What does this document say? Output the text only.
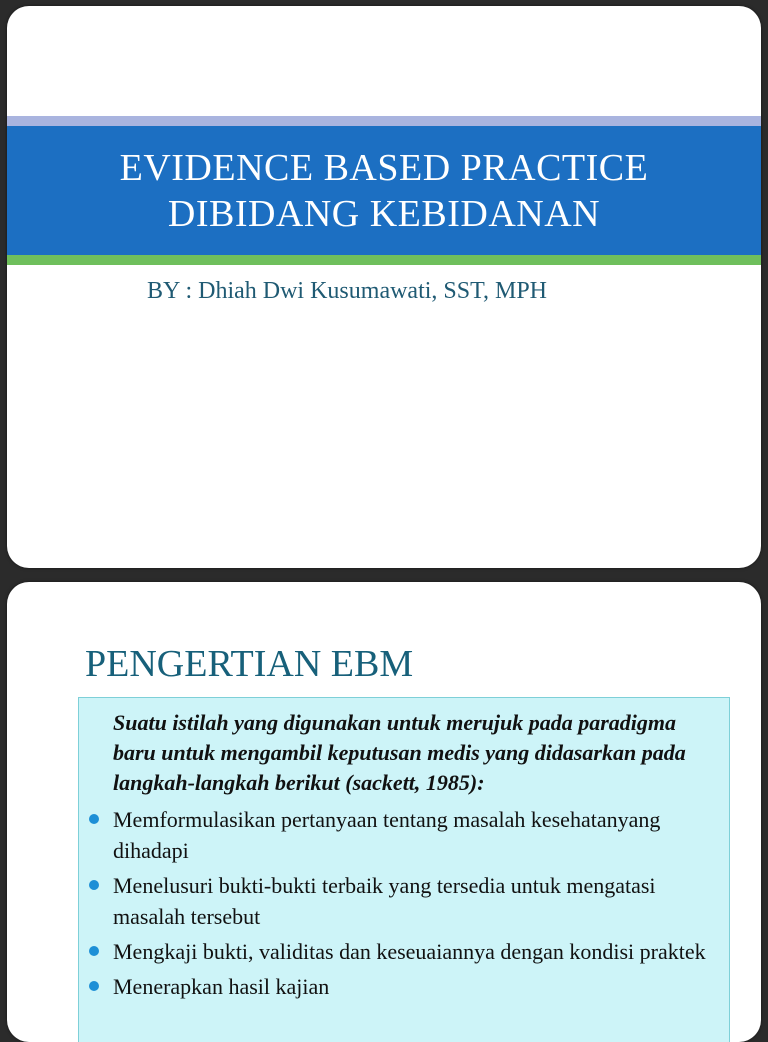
EVIDENCE BASED PRACTICE
DIBIDANG KEBIDANAN
BY : Dhiah Dwi Kusumawati, SST, MPH
PENGERTIAN EBM

Suatu istilah yang digunakan untuk merujuk pada paradigma baru untuk mengambil keputusan medis yang didasarkan pada langkah-langkah berikut (sackett, 1985):

Memformulasikan pertanyaan tentang masalah kesehatanyang dihadapi
Menelusuri bukti-bukti terbaik yang tersedia untuk mengatasi masalah tersebut
Mengkaji bukti, validitas dan keseuaiannya dengan kondisi praktek
Menerapkan hasil kajian
